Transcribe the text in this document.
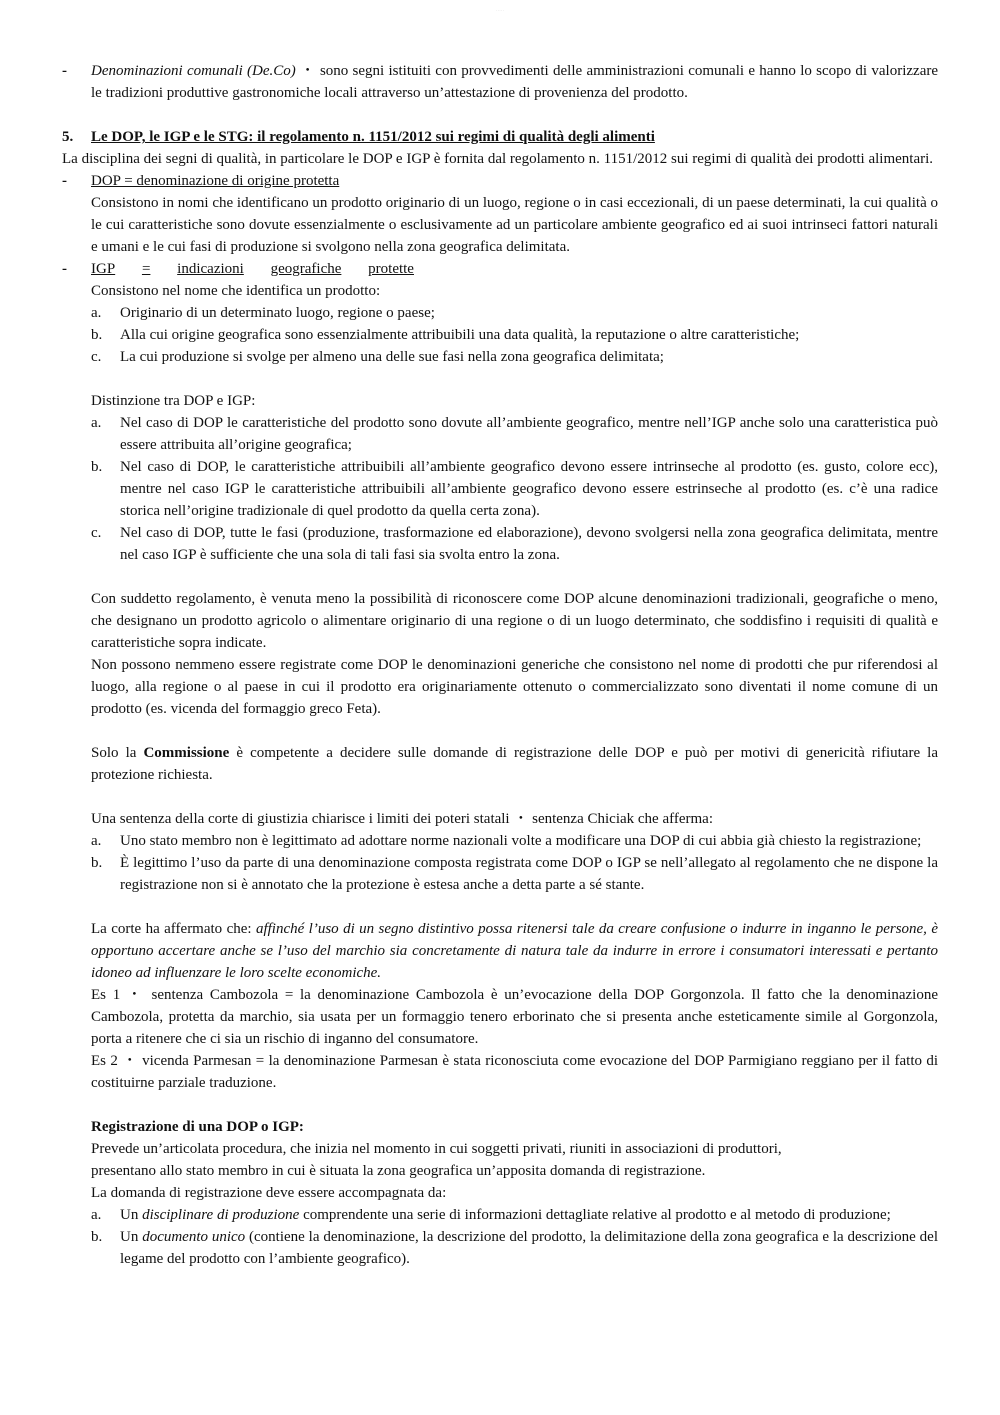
· · · · ·
-	Denominazioni comunali (De.Co) ・ sono segni istituiti con provvedimenti delle amministrazioni comunali e hanno lo scopo di valorizzare le tradizioni produttive gastronomiche locali attraverso un’attestazione di provenienza del prodotto.
5.	Le DOP, le IGP e le STG: il regolamento n. 1151/2012 sui regimi di qualità degli alimenti

La disciplina dei segni di qualità, in particolare le DOP e IGP è fornita dal regolamento n. 1151/2012 sui regimi di qualità dei prodotti alimentari.

-	DOP = denominazione di origine protetta

Consistono in nomi che identificano un prodotto originario di un luogo, regione o in casi eccezionali, di un paese determinati, la cui qualità o le cui caratteristiche sono dovute essenzialmente o esclusivamente ad un particolare ambiente geografico ed ai suoi intrinseci fattori naturali e umani e le cui fasi di produzione si svolgono nella zona geografica delimitata.

-	IGP = indicazioni geografiche protette

Consistono nel nome che identifica un prodotto:

a.	Originario di un determinato luogo, regione o paese;
b.	Alla cui origine geografica sono essenzialmente attribuibili una data qualità, la reputazione o altre caratteristiche;
c.	La cui produzione si svolge per almeno una delle sue fasi nella zona geografica delimitata;

Distinzione tra DOP e IGP:

a.	Nel caso di DOP le caratteristiche del prodotto sono dovute all’ambiente geografico, mentre nell’IGP anche solo una caratteristica può essere attribuita all’origine geografica;
b.	Nel caso di DOP, le caratteristiche attribuibili all’ambiente geografico devono essere intrinseche al prodotto (es. gusto, colore ecc), mentre nel caso IGP le caratteristiche attribuibili all’ambiente geografico devono essere estrinseche al prodotto (es. c’è una radice storica nell’origine tradizionale di quel prodotto da quella certa zona).
c.	Nel caso di DOP, tutte le fasi (produzione, trasformazione ed elaborazione), devono svolgersi nella zona geografica delimitata, mentre nel caso IGP è sufficiente che una sola di tali fasi sia svolta entro la zona.

Con suddetto regolamento, è venuta meno la possibilità di riconoscere come DOP alcune denominazioni tradizionali, geografiche o meno, che designano un prodotto agricolo o alimentare originario di una regione o di un luogo determinato, che soddisfino i requisiti di qualità e caratteristiche sopra indicate.

Non possono nemmeno essere registrate come DOP le denominazioni generiche che consistono nel nome di prodotti che pur riferendosi al luogo, alla regione o al paese in cui il prodotto era originariamente ottenuto o commercializzato sono diventati il nome comune di un prodotto (es. vicenda del formaggio greco Feta).

Solo la Commissione è competente a decidere sulle domande di registrazione delle DOP e può per motivi di genericità rifiutare la protezione richiesta.

Una sentenza della corte di giustizia chiarisce i limiti dei poteri statali ・ sentenza Chiciak che afferma:

a.	Uno stato membro non è legittimato ad adottare norme nazionali volte a modificare una DOP di cui abbia già chiesto la registrazione;
b.	È legittimo l’uso da parte di una denominazione composta registrata come DOP o IGP se nell’allegato al regolamento che ne dispone la registrazione non si è annotato che la protezione è estesa anche a detta parte a sé stante.

La corte ha affermato che: affinché l’uso di un segno distintivo possa ritenersi tale da creare confusione o indurre in inganno le persone, è opportuno accertare anche se l’uso del marchio sia concretamente di natura tale da indurre in errore i consumatori interessati e pertanto idoneo ad influenzare le loro scelte economiche.

Es 1 ・ sentenza Cambozola = la denominazione Cambozola è un’evocazione della DOP Gorgonzola. Il fatto che la denominazione Cambozola, protetta da marchio, sia usata per un formaggio tenero erborinato che si presenta anche esteticamente simile al Gorgonzola, porta a ritenere che ci sia un rischio di inganno del consumatore.

Es 2 ・ vicenda Parmesan = la denominazione Parmesan è stata riconosciuta come evocazione del DOP Parmigiano reggiano per il fatto di costituirne parziale traduzione.

Registrazione di una DOP o IGP:

Prevede un’articolata procedura, che inizia nel momento in cui soggetti privati, riuniti in associazioni di produttori,

presentano allo stato membro in cui è situata la zona geografica un’apposita domanda di registrazione.

La domanda di registrazione deve essere accompagnata da:

a.	Un disciplinare di produzione comprendente una serie di informazioni dettagliate relative al prodotto e al metodo di produzione;
b.	Un documento unico (contiene la denominazione, la descrizione del prodotto, la delimitazione della zona geografica e la descrizione del legame del prodotto con l’ambiente geografico).
